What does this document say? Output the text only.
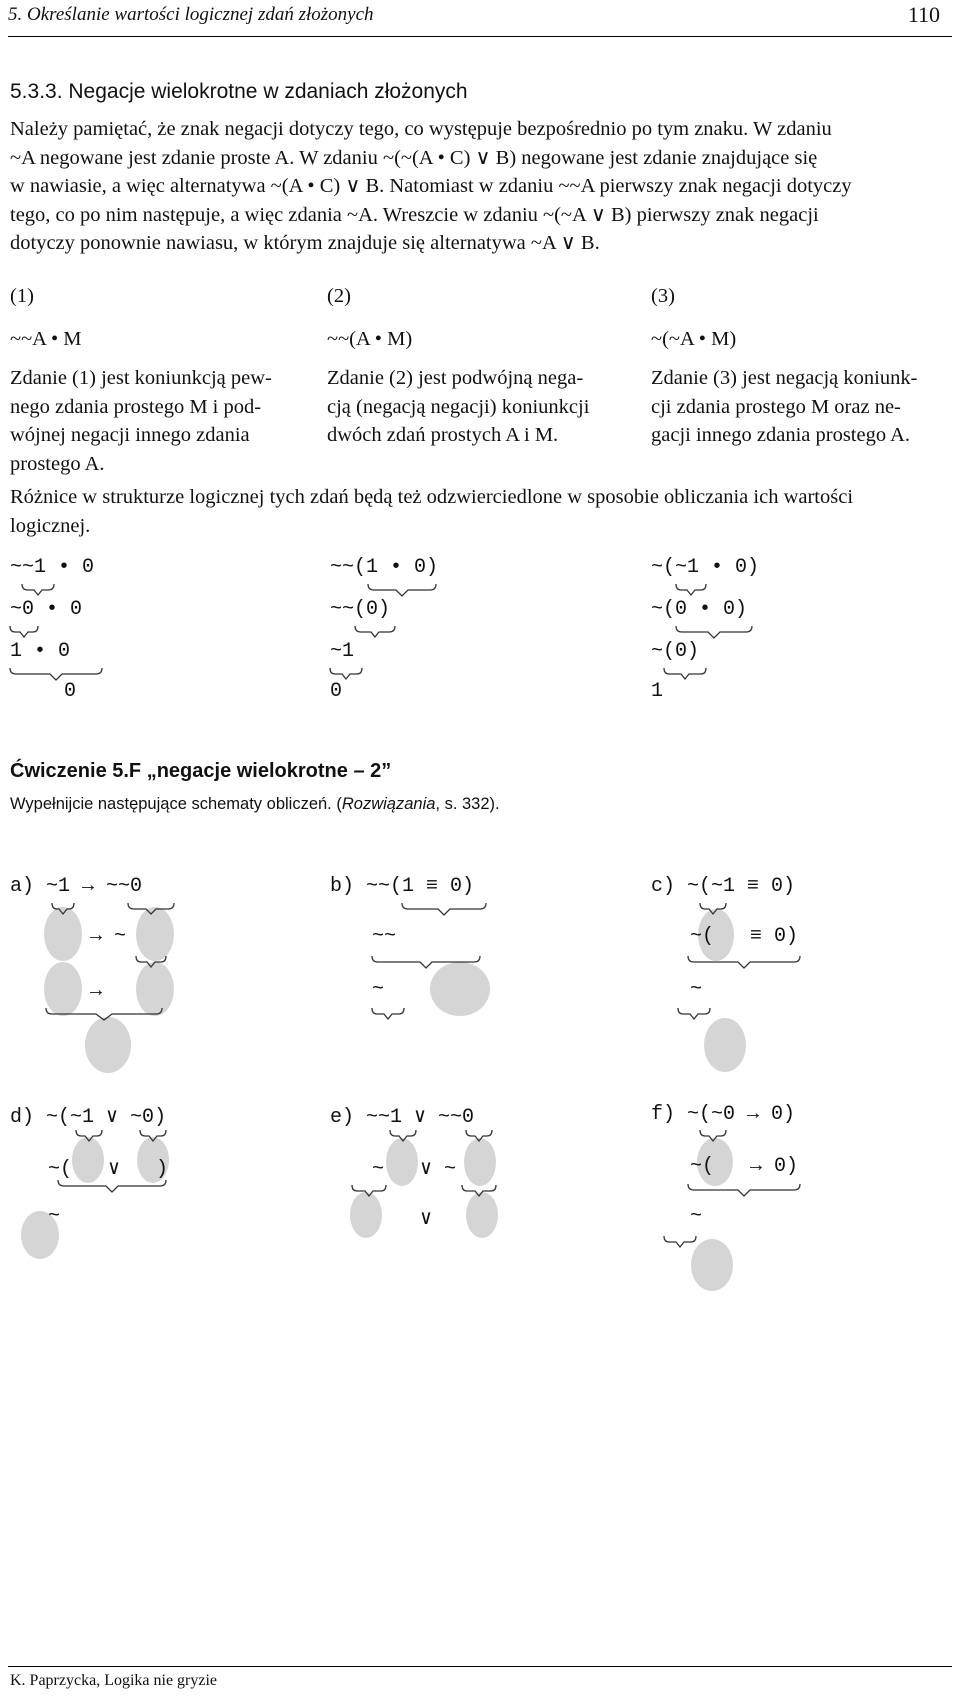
5. Określanie wartości logicznej zdań złożonych	110
5.3.3. Negacje wielokrotne w zdaniach złożonych
Należy pamiętać, że znak negacji dotyczy tego, co występuje bezpośrednio po tym znaku. W zdaniu
~A negowane jest zdanie proste A. W zdaniu ~(~(A • C) ∨ B) negowane jest zdanie znajdujące się
w nawiasie, a więc alternatywa ~(A • C) ∨ B. Natomiast w zdaniu ~~A pierwszy znak negacji dotyczy
tego, co po nim następuje, a więc zdania ~A. Wreszcie w zdaniu ~(~A ∨ B) pierwszy znak negacji
dotyczy ponownie nawiasu, w którym znajduje się alternatywa ~A ∨ B.
(1)	(2)	(3)
~~A • M	~~(A • M)	~(~A • M)
Zdanie (1) jest koniunkcją pew-
nego zdania prostego M i pod-
wójnej negacji innego zdania
prostego A.
Zdanie (2) jest podwójną nega-
cją (negacją negacji) koniunkcji
dwóch zdań prostych A i M.
Zdanie (3) jest negacją koniunk-
cji zdania prostego M oraz ne-
gacji innego zdania prostego A.
Różnice w strukturze logicznej tych zdań będą też odzwierciedlone w sposobie obliczania ich wartości
logicznej.
~~1 • 0
~0 • 0
1 • 0
0
~~(1 • 0)
~~(0)
~1
0
~(~1 • 0)
~(0 • 0)
~(0)
1
Ćwiczenie 5.F „negacje wielokrotne – 2”
Wypełnijcie następujące schematy obliczeń. (Rozwiązania, s. 332).
a) ~1 → ~~0
→ ~
→
b) ~~(1 ≡ 0)
~~
~
c) ~(~1 ≡ 0)
~(   ≡ 0)
~
d) ~(~1 ∨ ~0)
~(   ∨   )
~
e) ~~1 ∨ ~~0
~   ∨ ~
∨
f) ~(~0 → 0)
~(   → 0)
~
K. Paprzycka, Logika nie gryzie
